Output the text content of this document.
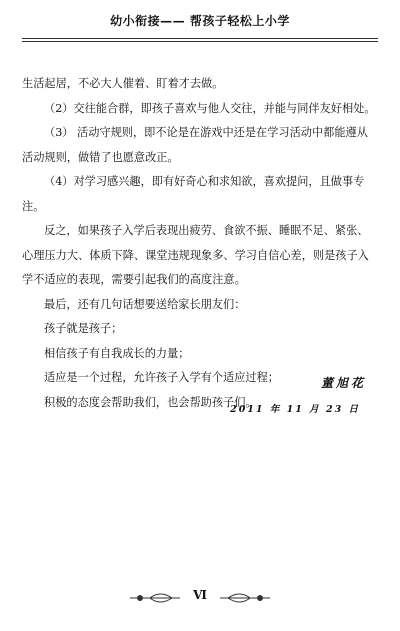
幼小衔接—— 帮孩子轻松上小学

生活起居，不必大人催着、盯着才去做。

（2）交往能合群，即孩子喜欢与他人交往，并能与同伴友好相处。

（3） 活动守规则，即不论是在游戏中还是在学习活动中都能遵从活动规则，做错了也愿意改正。

（4）对学习感兴趣，即有好奇心和求知欲，喜欢提问，且做事专注。

反之，如果孩子入学后表现出疲劳、食欲不振、睡眠不足、紧张、心理压力大、体质下降、课堂违规现象多、学习自信心差，则是孩子入学不适应的表现，需要引起我们的高度注意。

最后，还有几句话想要送给家长朋友们：

孩子就是孩子；

相信孩子有自我成长的力量；

适应是一个过程，允许孩子入学有个适应过程；

积极的态度会帮助我们，也会帮助孩子们。

董旭花
2011 年 11 月 23 日
Ⅵ
